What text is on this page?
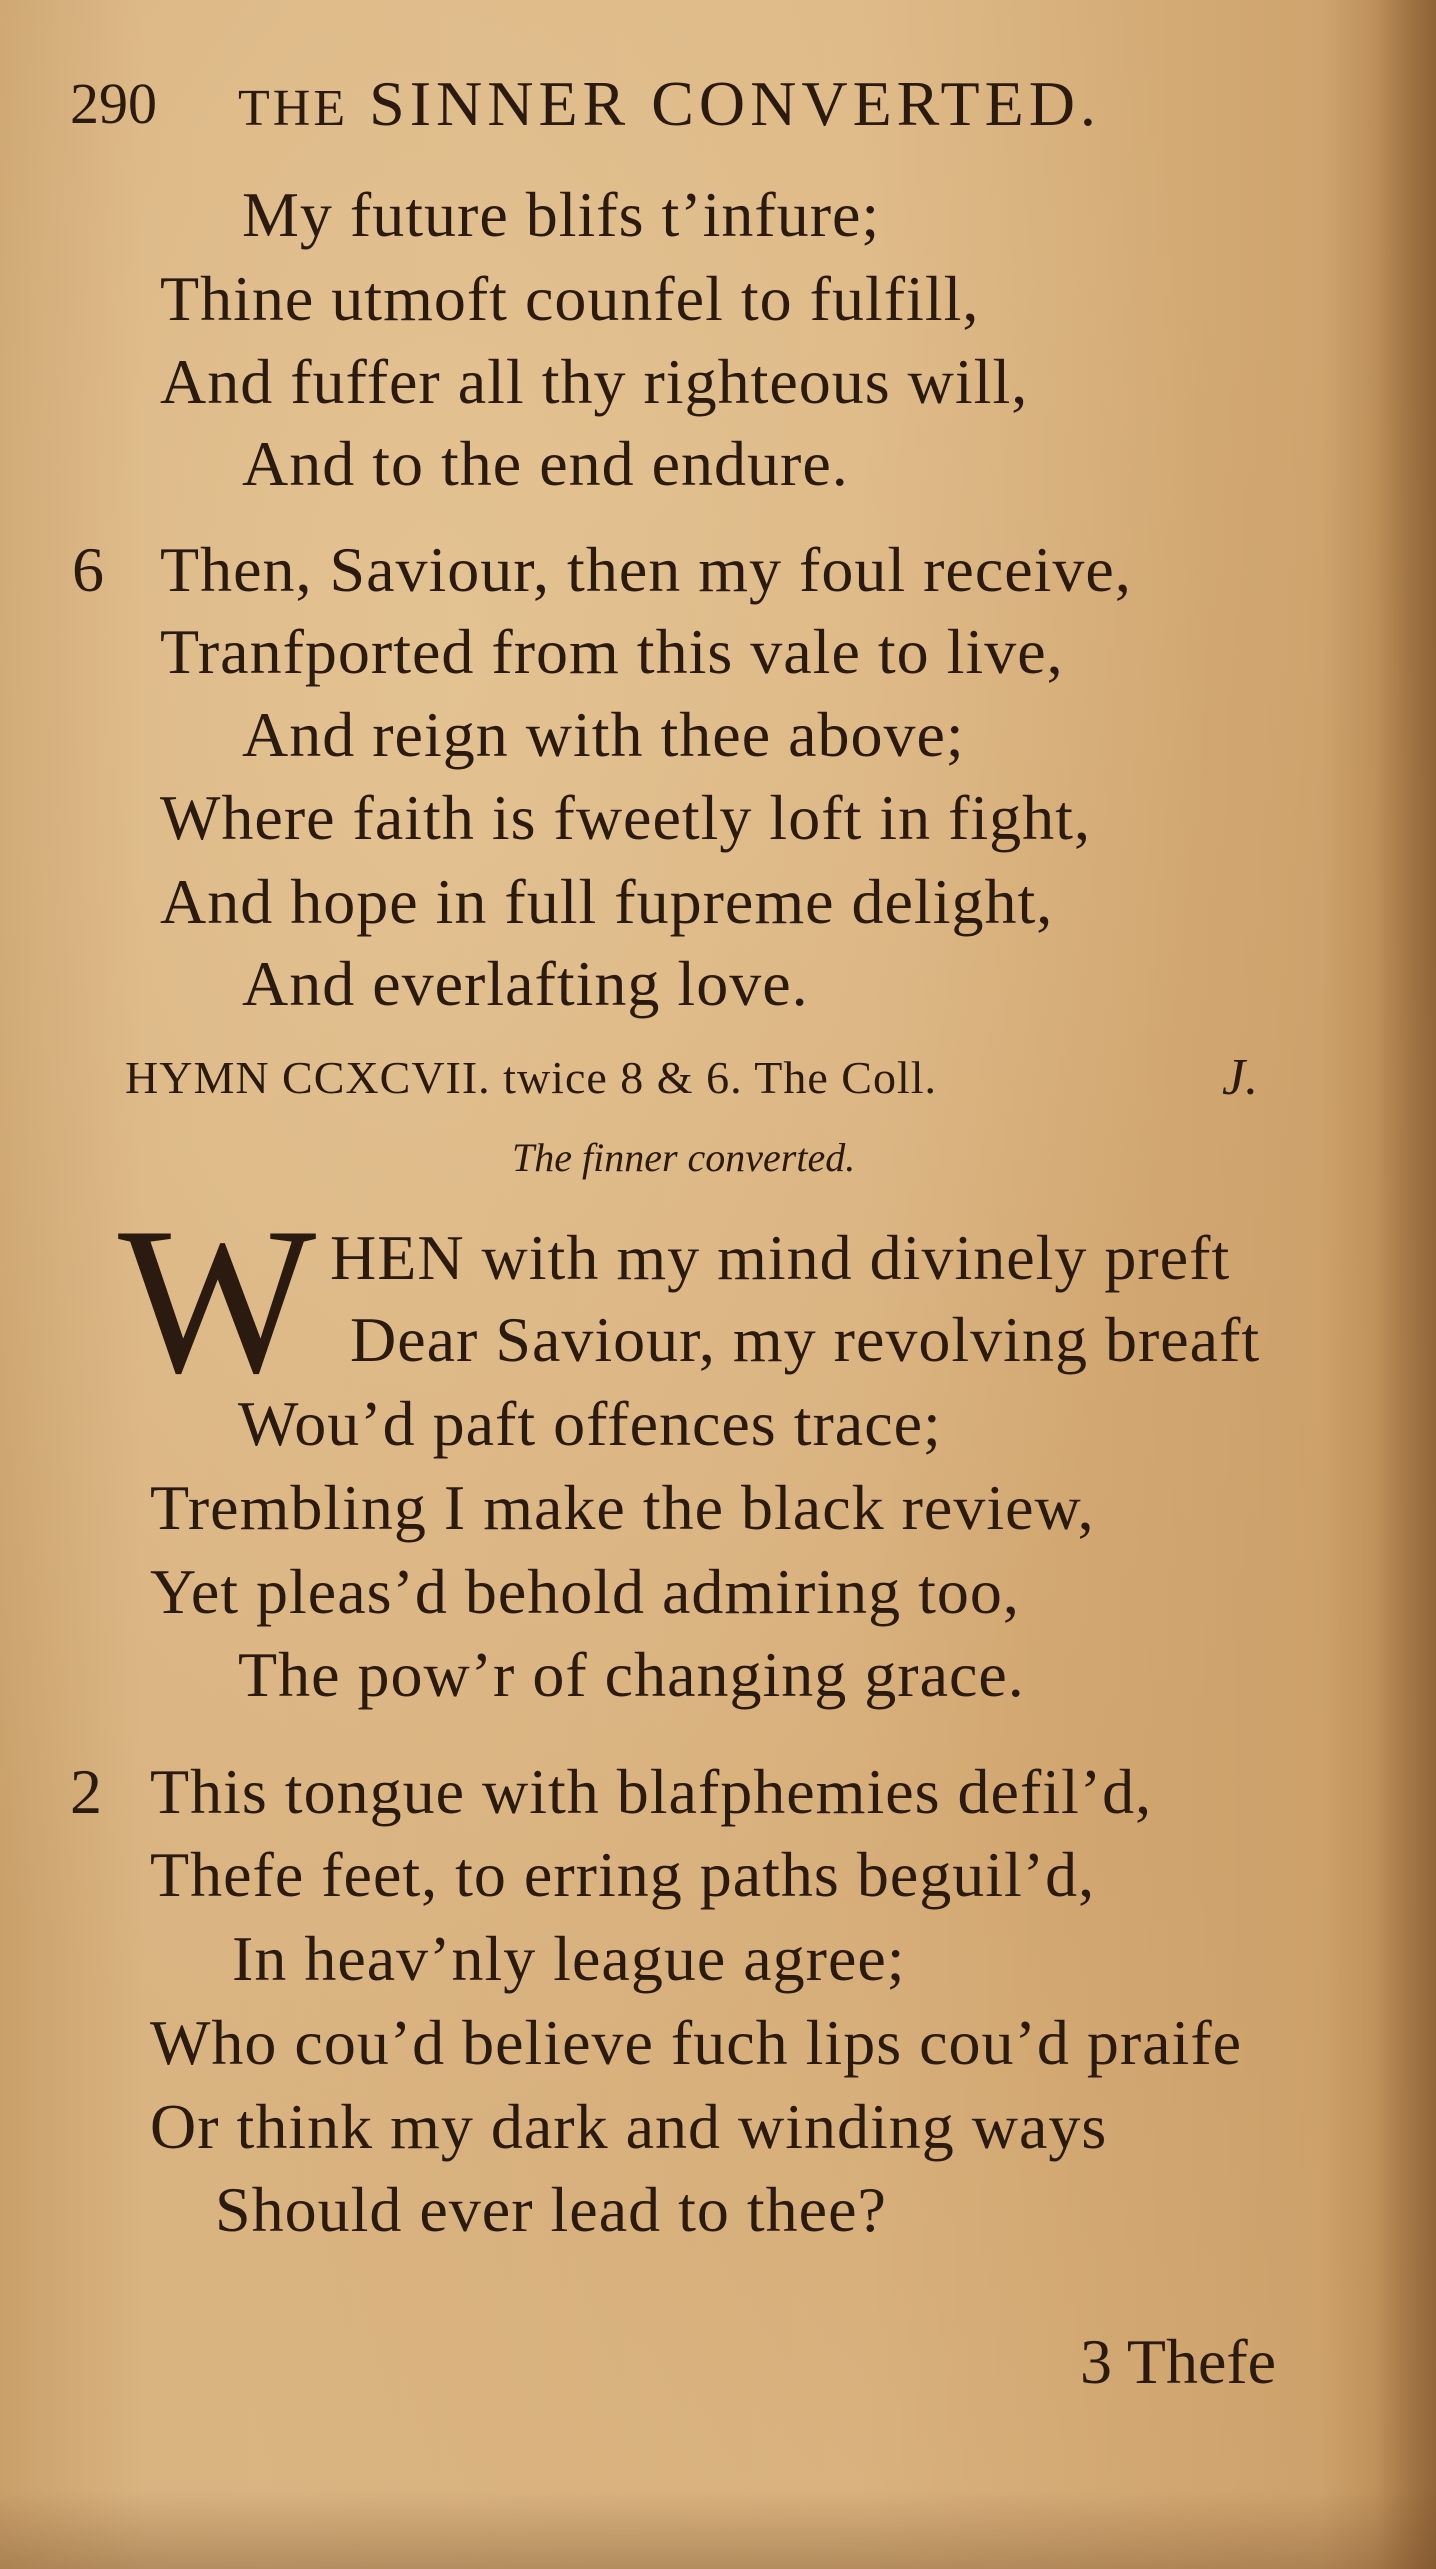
290 THE SINNER CONVERTED.
My future blifs t’infure;
Thine utmoft counfel to fulfill,
And fuffer all thy righteous will,
And to the end endure.
6 Then, Saviour, then my foul receive,
Tranfported from this vale to live,
And reign with thee above;
Where faith is fweetly loft in fight,
And hope in full fupreme delight,
And everlafting love.
HYMN CCXCVII. twice 8 & 6. The Coll.	J.
The finner converted.
W HEN with my mind divinely preft
Dear Saviour, my revolving breaft
Wou’d paft offences trace;
Trembling I make the black review,
Yet pleas’d behold admiring too,
The pow’r of changing grace.
2 This tongue with blafphemies defil’d,
Thefe feet, to erring paths beguil’d,
In heav’nly league agree;
Who cou’d believe fuch lips cou’d praife
Or think my dark and winding ways
Should ever lead to thee?
3 Thefe
